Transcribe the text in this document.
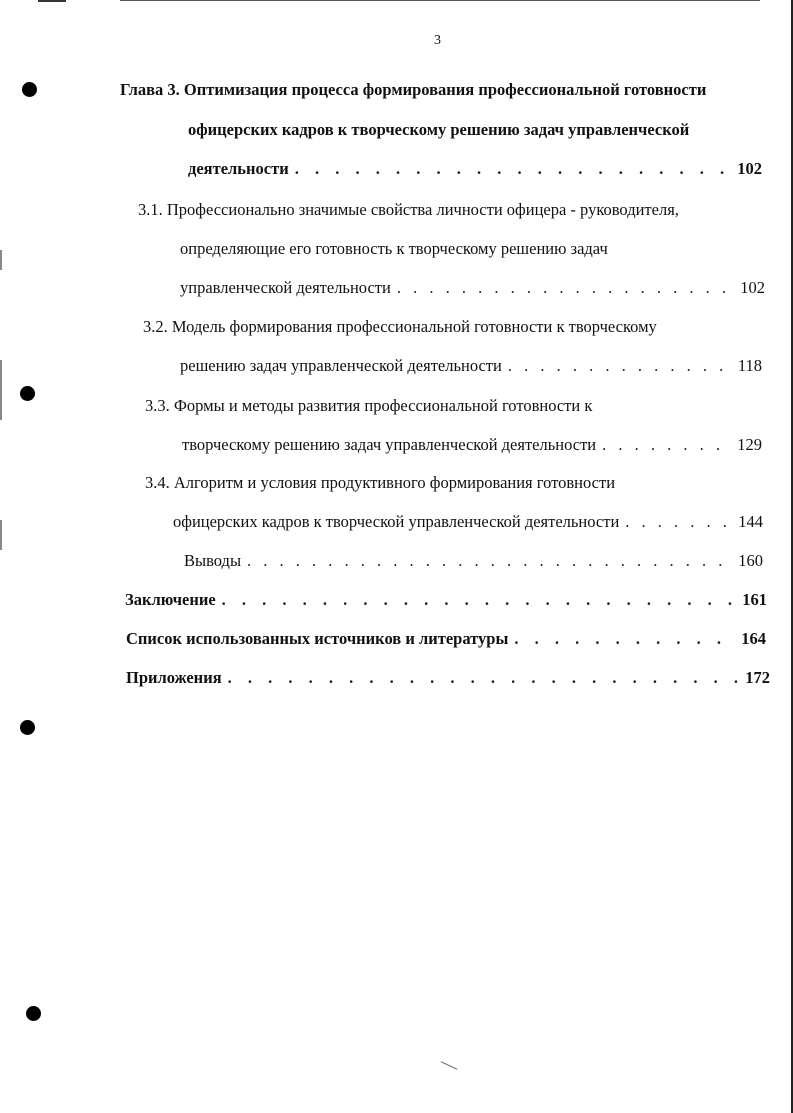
3
Глава 3. Оптимизация процесса формирования профессиональной готовности
офицерских кадров к творческому решению задач управленческой
деятельности . . .	102
3.1. Профессионально значимые свойства личности офицера - руководителя,
определяющие его готовность к творческому решению задач
управленческой деятельности . . .	102
3.2. Модель формирования профессиональной готовности к творческому
решению задач управленческой деятельности . . .	118
3.3. Формы и методы развития профессиональной готовности к
творческому решению задач управленческой деятельности . . .	129
3.4. Алгоритм и условия продуктивного формирования готовности
офицерских кадров к творческой управленческой деятельности . . .	144
Выводы . . .	160
Заключение . . .	161
Список использованных источников и литературы . . .	164
Приложения . . .	172
